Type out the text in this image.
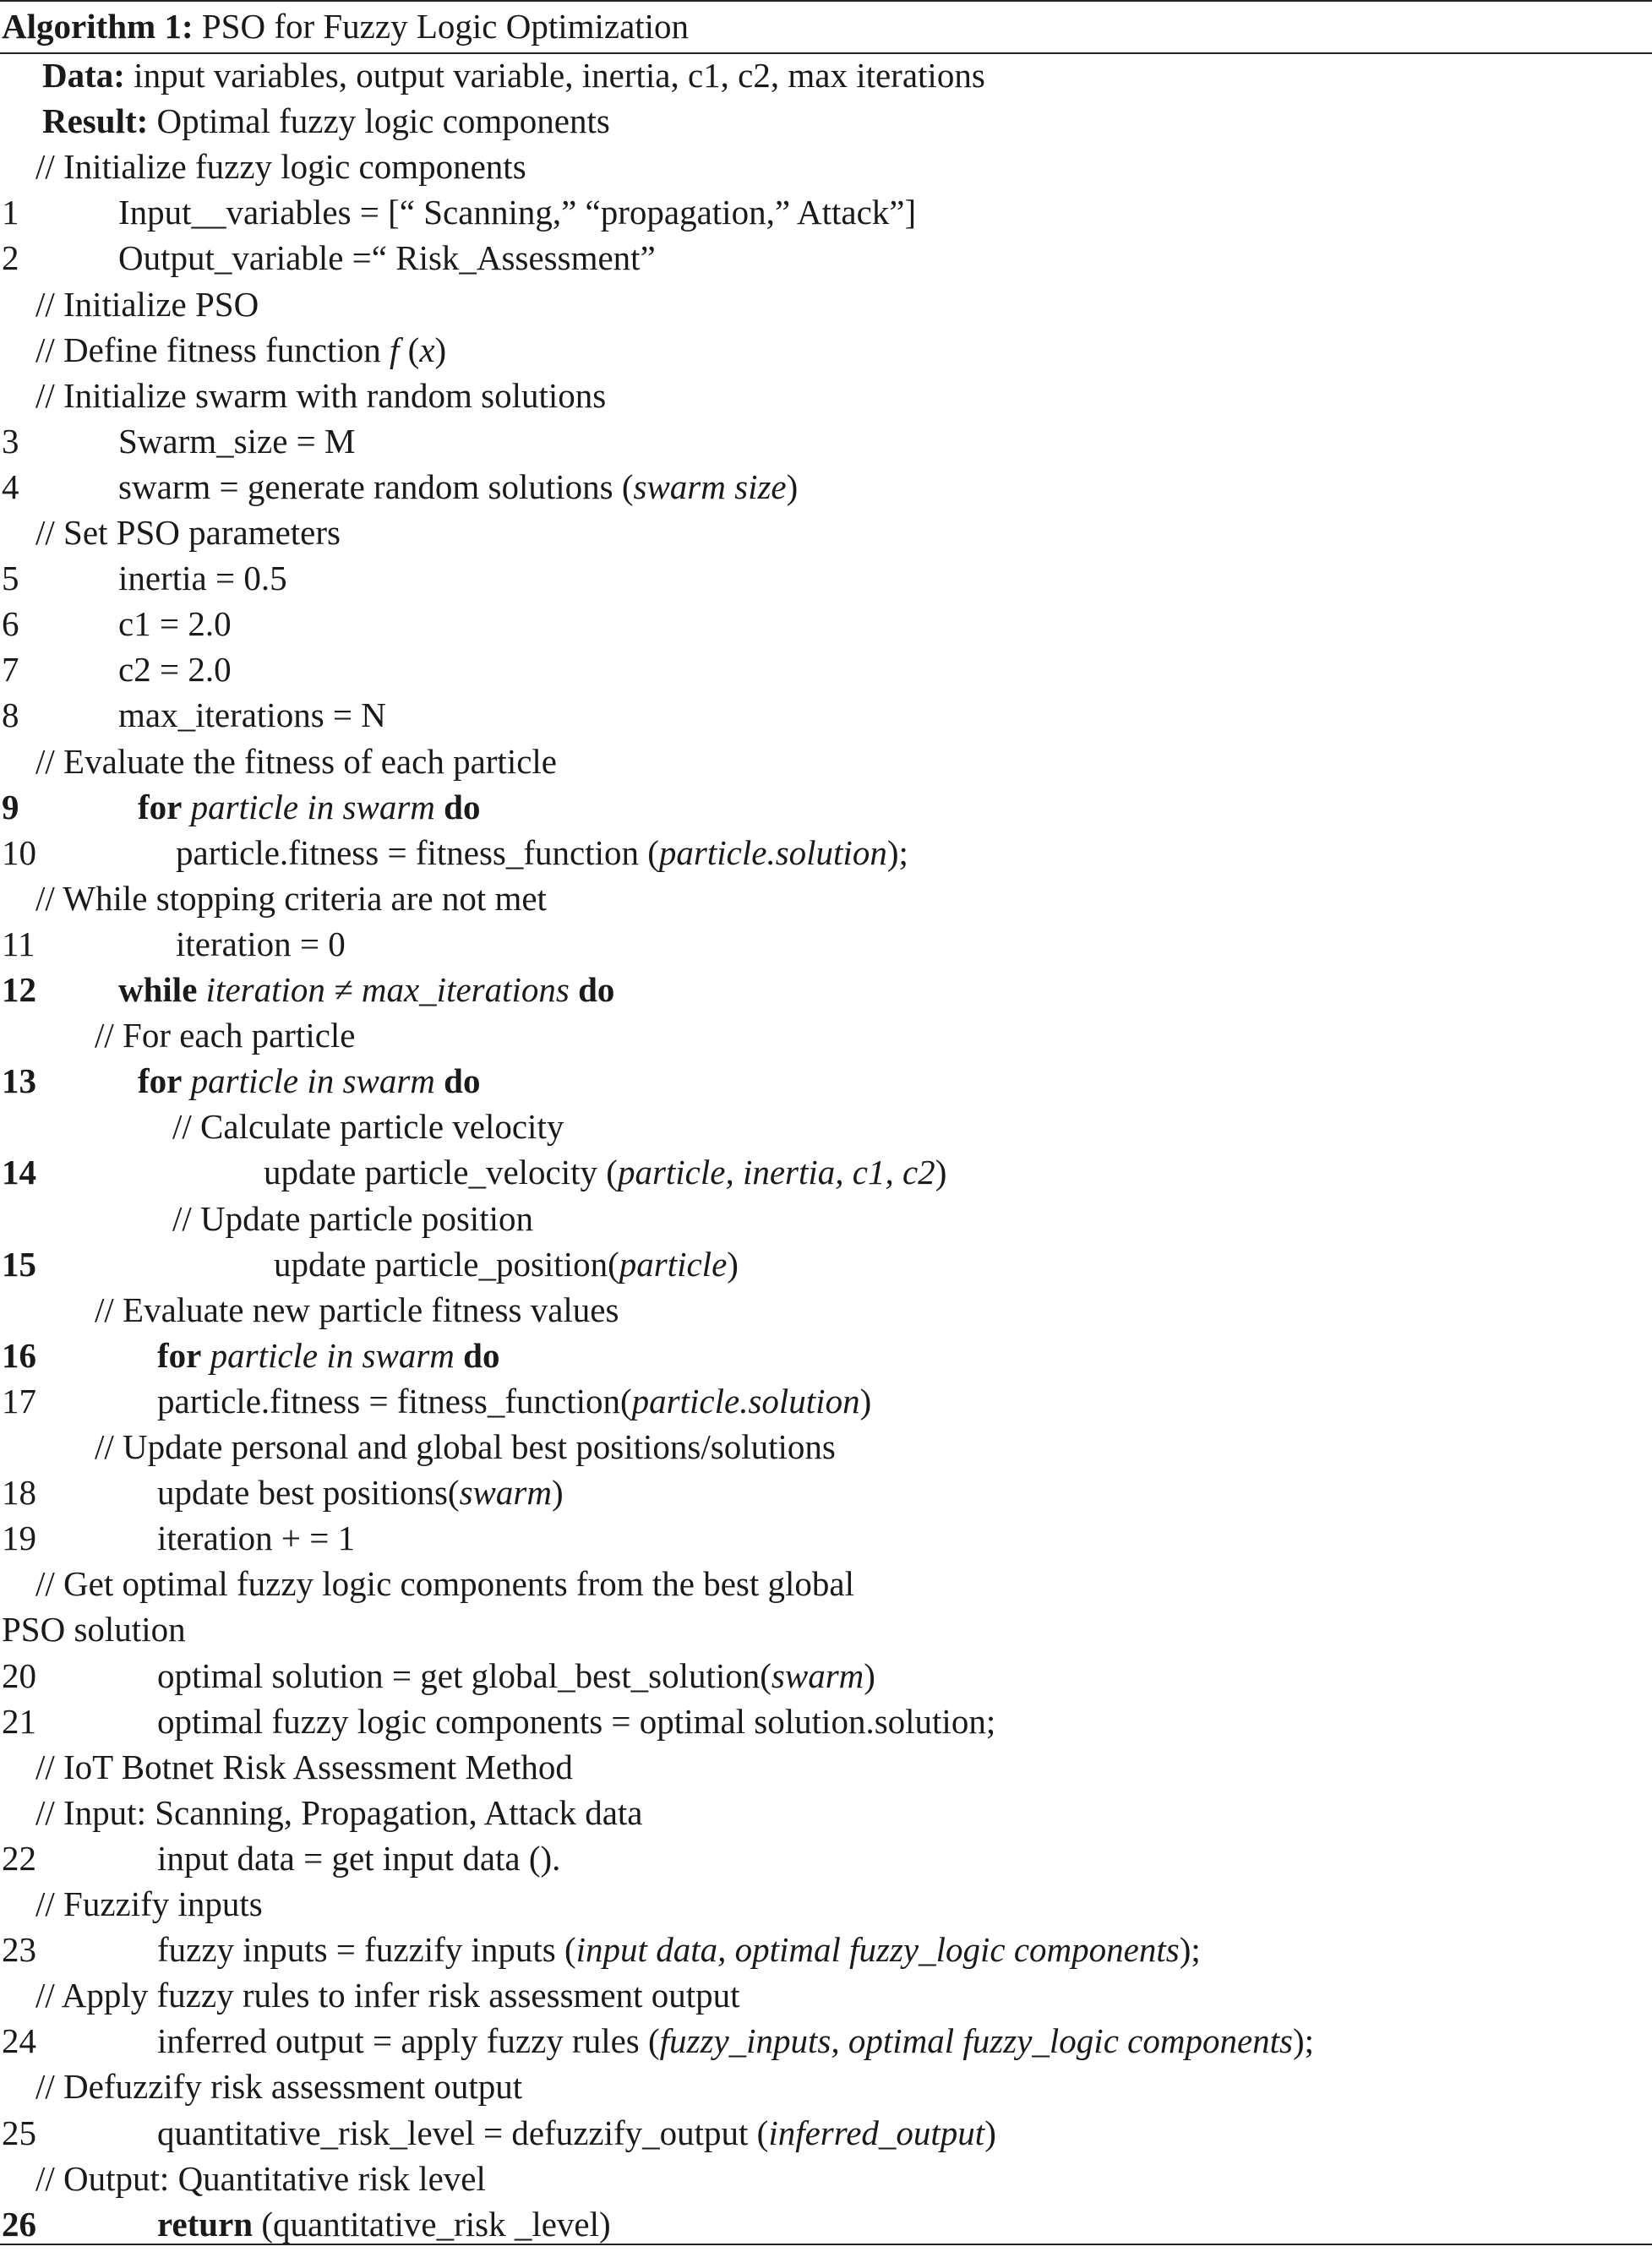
Algorithm 1: PSO for Fuzzy Logic Optimization
Data: input variables, output variable, inertia, c1, c2, max iterations
Result: Optimal fuzzy logic components
// Initialize fuzzy logic components
1	Input__variables = [“ Scanning,” “propagation,” Attack”]
2	Output_variable =“ Risk_Assessment”
// Initialize PSO
// Define fitness function f (x)
// Initialize swarm with random solutions
3	Swarm_size = M
4	swarm = generate random solutions (swarm size)
// Set PSO parameters
5	inertia = 0.5
6	c1 = 2.0
7	c2 = 2.0
8	max_iterations = N
// Evaluate the fitness of each particle
9	for particle in swarm do
10	particle.fitness = fitness_function (particle.solution);
// While stopping criteria are not met
11	iteration = 0
12 while iteration ≠ max_iterations do
// For each particle
13	for particle in swarm do
// Calculate particle velocity
14	update particle_velocity (particle, inertia, c1, c2)
// Update particle position
15	update particle_position(particle)
// Evaluate new particle fitness values
16	for particle in swarm do
17	particle.fitness = fitness_function(particle.solution)
// Update personal and global best positions/solutions
18	update best positions(swarm)
19	iteration + = 1
// Get optimal fuzzy logic components from the best global
PSO solution
20	optimal solution = get global_best_solution(swarm)
21	optimal fuzzy logic components = optimal solution.solution;
// IoT Botnet Risk Assessment Method
// Input: Scanning, Propagation, Attack data
22	input data = get input data ().
// Fuzzify inputs
23	fuzzy inputs = fuzzify inputs (input data, optimal fuzzy_logic components);
// Apply fuzzy rules to infer risk assessment output
24	inferred output = apply fuzzy rules (fuzzy_inputs, optimal fuzzy_logic components);
// Defuzzify risk assessment output
25	quantitative_risk_level = defuzzify_output (inferred_output)
// Output: Quantitative risk level
26	return (quantitative_risk _level)
